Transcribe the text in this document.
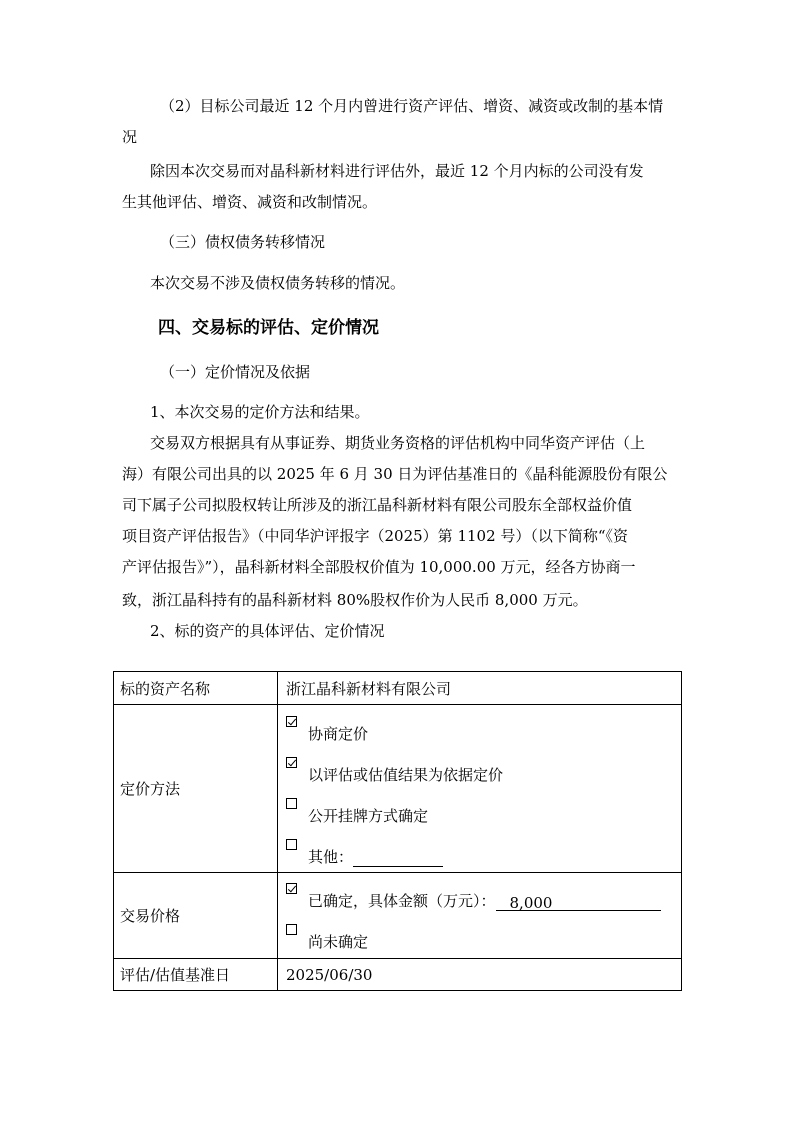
（2）目标公司最近 12 个月内曾进行资产评估、增资、减资或改制的基本情
况
除因本次交易而对晶科新材料进行评估外，最近 12 个月内标的公司没有发
生其他评估、增资、减资和改制情况。
（三）债权债务转移情况
本次交易不涉及债权债务转移的情况。
四、交易标的评估、定价情况
（一）定价情况及依据
1、本次交易的定价方法和结果。
交易双方根据具有从事证券、期货业务资格的评估机构中同华资产评估（上
海）有限公司出具的以 2025 年 6 月 30 日为评估基准日的《晶科能源股份有限公
司下属子公司拟股权转让所涉及的浙江晶科新材料有限公司股东全部权益价值
项目资产评估报告》（中同华沪评报字（2025）第 1102 号）（以下简称“《资
产评估报告》”），晶科新材料全部股权价值为 10,000.00 万元，经各方协商一
致，浙江晶科持有的晶科新材料 80%股权作价为人民币 8,000 万元。
2、标的资产的具体评估、定价情况
标的资产名称	浙江晶科新材料有限公司
定价方法	协商定价
以评估或估值结果为依据定价
公开挂牌方式确定
其他：

交易价格	已确定，具体金额（万元）： 8,000
尚未确定

评估/估值基准日	2025/06/30
